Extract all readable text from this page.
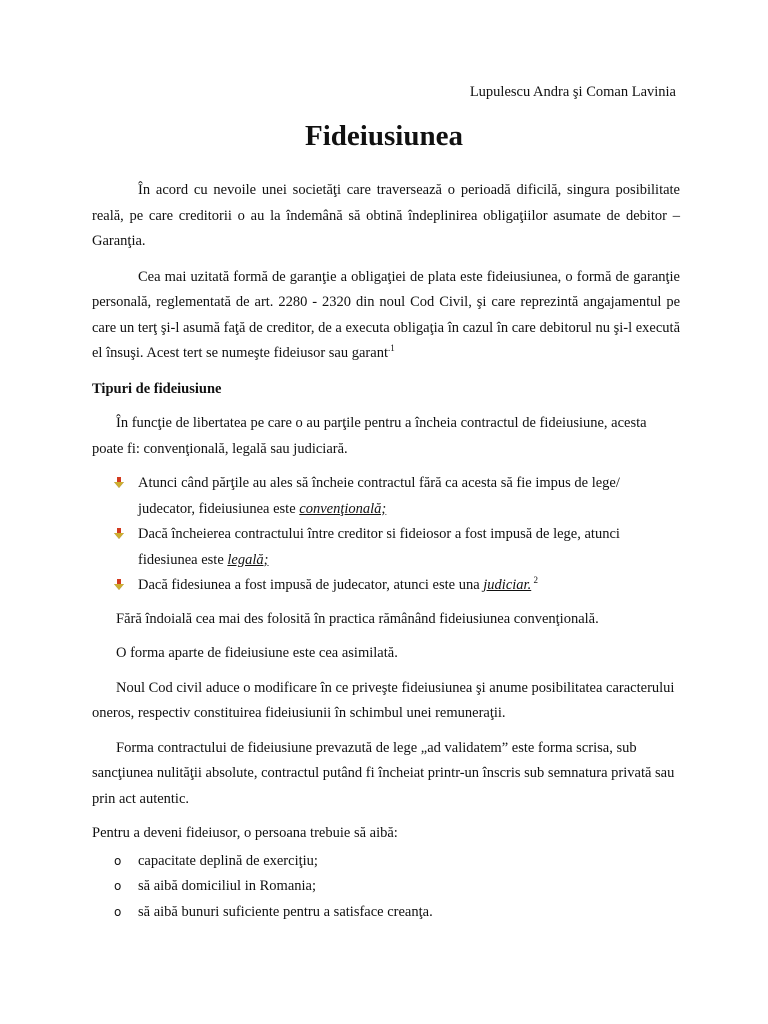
Lupulescu Andra şi Coman Lavinia
Fideiusiunea

În acord cu nevoile unei societăţi care traversează o perioadă dificilă, singura posibilitate reală, pe care creditorii o au la îndemână să obtină îndeplinirea obligaţiilor asumate de debitor – Garanţia.

Cea mai uzitată formă de garanţie a obligaţiei de plata este fideiusiunea, o formă de garanţie personală, reglementată de art. 2280 - 2320 din noul Cod Civil, şi care reprezintă angajamentul pe care un terţ şi-l asumă faţă de creditor, de a executa obligaţia în cazul în care debitorul nu şi-l execută el însuşi. Acest tert se numeşte fideiusor sau garant$^{.1}$

Tipuri de fideiusiune

În funcţie de libertatea pe care o au parţile pentru a încheia contractul de fideiusiune, acesta poate fi: convenţională, legală sau judiciară.

Atunci când părţile au ales să încheie contractul fără ca acesta să fie impus de lege/ judecator, fideiusiunea este convenţională;
Dacă încheierea contractului între creditor si fideiosor a fost impusă de lege, atunci fidesiunea este legală;
Dacă fidesiunea a fost impusă de judecator, atunci este una judiciar. $^2$

Fără îndoială cea mai des folosită în practica rămânând fideiusiunea convenţională.

O forma aparte de fideiusiune este cea asimilată.

Noul Cod civil aduce o modificare în ce priveşte fideiusiunea şi anume posibilitatea caracterului oneros, respectiv constituirea fideiusiunii în schimbul unei remuneraţii.

Forma contractului de fideiusiune prevazută de lege „ad validatem” este forma scrisa, sub sancţiunea nulităţii absolute, contractul putând fi încheiat printr-un înscris sub semnatura privată sau prin act autentic.

Pentru a deveni fideiusor, o persoana trebuie să aibă:

o capacitate deplină de exerciţiu;
o să aibă domiciliul in Romania;
o să aibă bunuri suficiente pentru a satisface creanţa.
